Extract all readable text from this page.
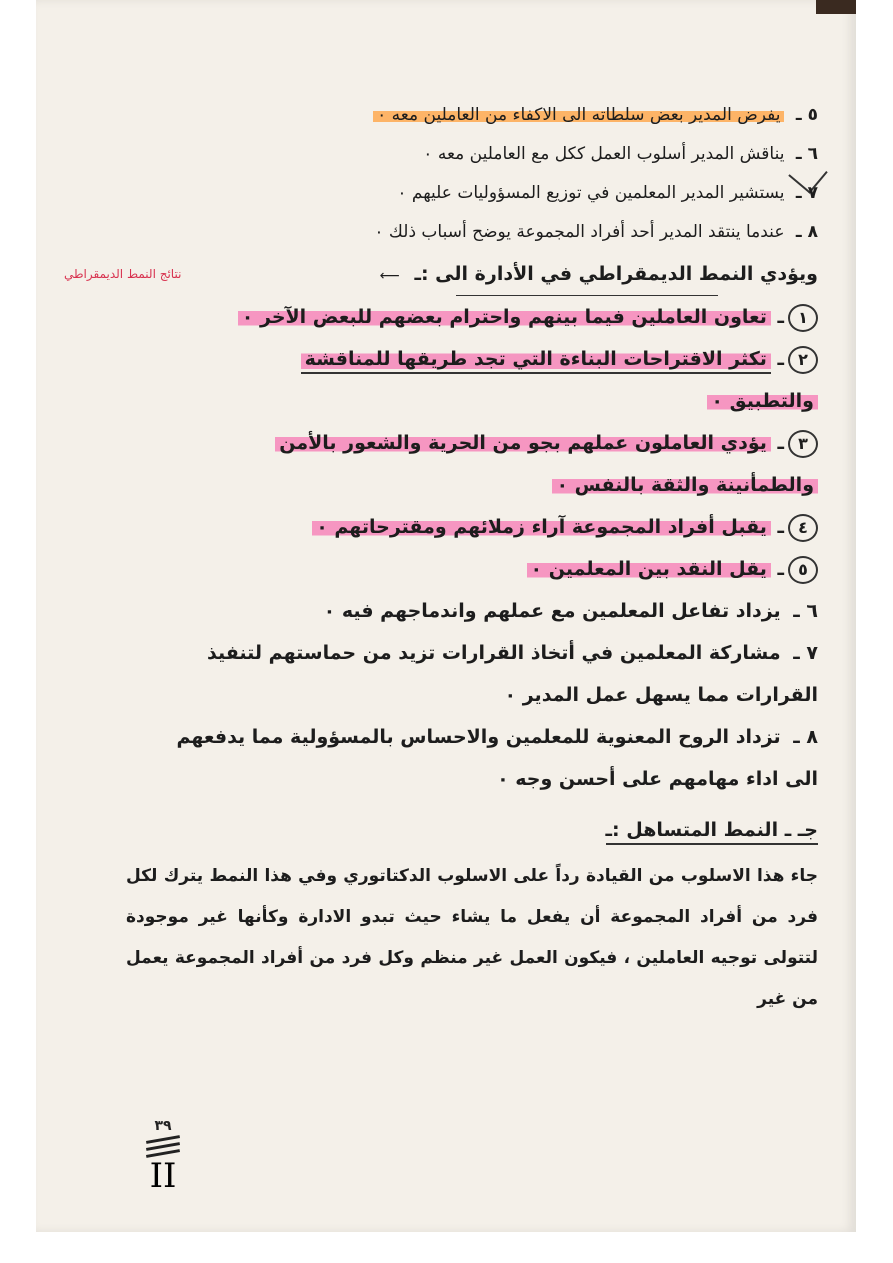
٥ ـ يفرض المدير بعض سلطاته الى الاكفاء من العاملين معه ٠
٦ ـ يناقش المدير أسلوب العمل ككل مع العاملين معه ٠
٧ ـ يستشير المدير المعلمين في توزيع المسؤوليات عليهم ٠
٨ ـ عندما ينتقد المدير أحد أفراد المجموعة يوضح أسباب ذلك ٠
ويؤدي النمط الديمقراطي في الأدارة الى :ـ ⟵
نتائج النمط الديمقراطي
١ـ تعاون العاملين فيما بينهم واحترام بعضهم للبعض الآخر ٠
٢ـ تكثر الاقتراحات البناءة التي تجد طريقها للمناقشة
والتطبيق ٠
٣ـ يؤدي العاملون عملهم بجو من الحرية والشعور بالأمن
والطمأنينة والثقة بالنفس ٠
٤ـ يقبل أفراد المجموعة آراء زملائهم ومقترحاتهم ٠
٥ـ يقل النقد بين المعلمين ٠
٦ ـ يزداد تفاعل المعلمين مع عملهم واندماجهم فيه ٠
٧ ـ مشاركة المعلمين في أتخاذ القرارات تزيد من حماستهم لتنفيذ
القرارات مما يسهل عمل المدير ٠
٨ ـ تزداد الروح المعنوية للمعلمين والاحساس بالمسؤولية مما يدفعهم
الى اداء مهامهم على أحسن وجه ٠
جـ ـ النمط المتساهل :ـ
جاء هذا الاسلوب من القيادة رداً على الاسلوب الدكتاتوري وفي هذا النمط يترك لكل فرد من أفراد المجموعة أن يفعل ما يشاء حيث تبدو الادارة وكأنها غير موجودة لتتولى توجيه العاملين ، فيكون العمل غير منظم وكل فرد من أفراد المجموعة يعمل من غير
٣٩
II
